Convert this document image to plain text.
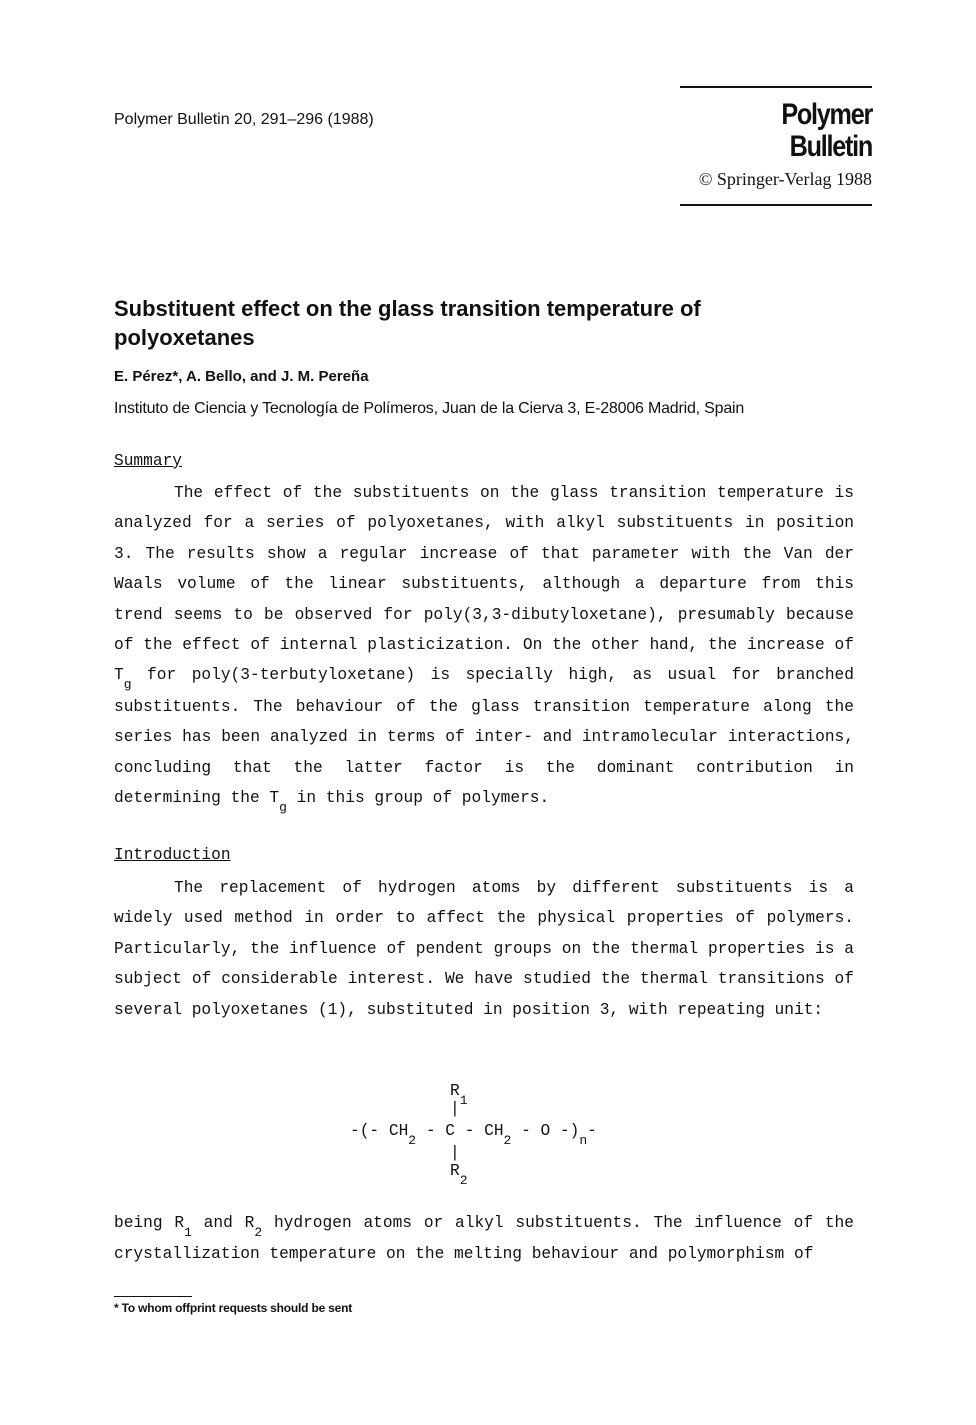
Polymer Bulletin 20, 291–296 (1988)	Polymer Bulletin
© Springer-Verlag 1988
Substituent effect on the glass transition temperature of polyoxetanes
E. Pérez*, A. Bello, and J. M. Pereña
Instituto de Ciencia y Tecnología de Polímeros, Juan de la Cierva 3, E-28006 Madrid, Spain
Summary

The effect of the substituents on the glass transition temperature is analyzed for a series of polyoxetanes, with alkyl substituents in position 3. The results show a regular increase of that parameter with the Van der Waals volume of the linear substituents, although a departure from this trend seems to be observed for poly(3,3-dibutyloxetane), presumably because of the effect of internal plasticization. On the other hand, the increase of $T_g$ for poly(3-terbutyloxetane) is specially high, as usual for branched substituents. The behaviour of the glass transition temperature along the series has been analyzed in terms of inter- and intramolecular interactions, concluding that the latter factor is the dominant contribution in determining the $T_g$ in this group of polymers.

Introduction

The replacement of hydrogen atoms by different substituents is a widely used method in order to affect the physical properties of polymers. Particularly, the influence of pendent groups on the thermal properties is a subject of considerable interest. We have studied the thermal transitions of several polyoxetanes (1), substituted in position 3, with repeating unit:

$R_1$
|
-(- $CH_2$ - C - $CH_2$ - O $-)_n-$
|
$R_2$

being $R_1$ and $R_2$ hydrogen atoms or alkyl substituents. The influence of the crystallization temperature on the melting behaviour and polymorphism of

* To whom offprint requests should be sent
